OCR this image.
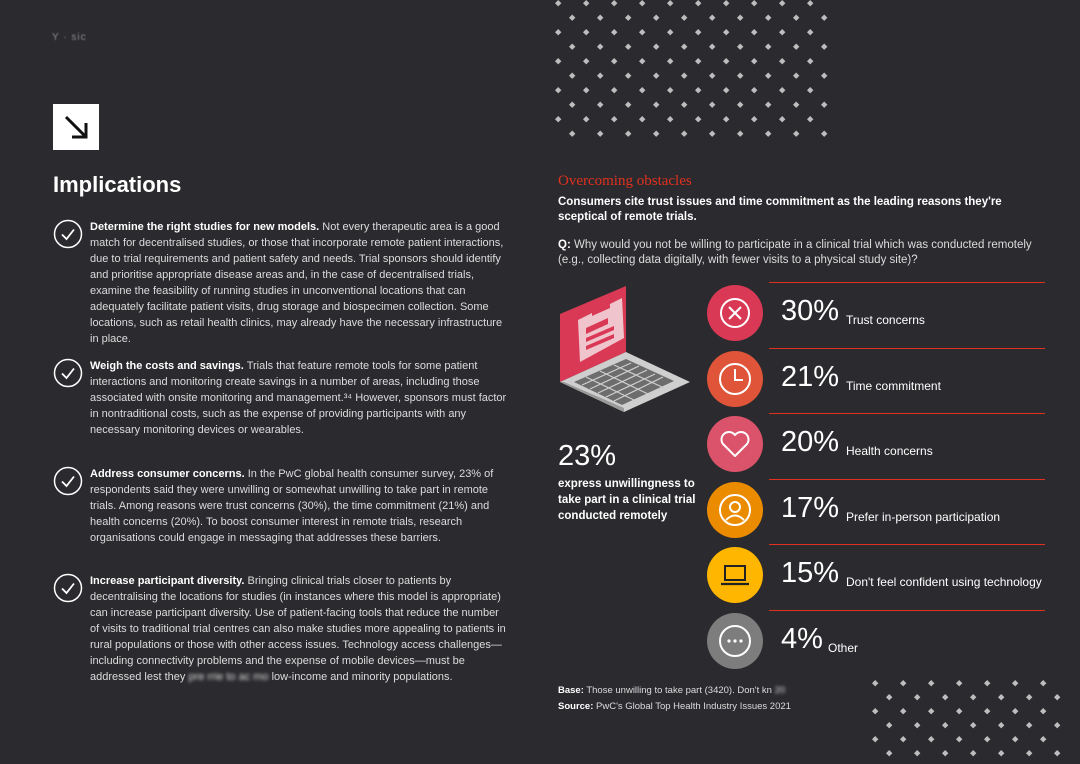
Y · sic
Implications
Determine the right studies for new models. Not every therapeutic area is a good match for decentralised studies, or those that incorporate remote patient interactions, due to trial requirements and patient safety and needs. Trial sponsors should identify and prioritise appropriate disease areas and, in the case of decentralised trials, examine the feasibility of running studies in unconventional locations that can adequately facilitate patient visits, drug storage and biospecimen collection. Some locations, such as retail health clinics, may already have the necessary infrastructure in place.
Weigh the costs and savings. Trials that feature remote tools for some patient interactions and monitoring create savings in a number of areas, including those associated with onsite monitoring and management.³⁴ However, sponsors must factor in nontraditional costs, such as the expense of providing participants with any necessary monitoring devices or wearables.
Address consumer concerns. In the PwC global health consumer survey, 23% of respondents said they were unwilling or somewhat unwilling to take part in remote trials. Among reasons were trust concerns (30%), the time commitment (21%) and health concerns (20%). To boost consumer interest in remote trials, research organisations could engage in messaging that addresses these barriers.
Increase participant diversity. Bringing clinical trials closer to patients by decentralising the locations for studies (in instances where this model is appropriate) can increase participant diversity. Use of patient-facing tools that reduce the number of visits to traditional trial centres can also make studies more appealing to patients in rural populations or those with other access issues. Technology access challenges—including connectivity problems and the expense of mobile devices—must be addressed lest they pre rrie to ac mo low-income and minority populations.
Overcoming obstacles
Consumers cite trust issues and time commitment as the leading reasons they're sceptical of remote trials.
Q: Why would you not be willing to participate in a clinical trial which was conducted remotely (e.g., collecting data digitally, with fewer visits to a physical study site)?
23%
express unwillingness to take part in a clinical trial conducted remotely
30% Trust concerns
21% Time commitment
20% Health concerns
17% Prefer in-person participation
15% Don't feel confident using technology
4% Other
Base: Those unwilling to take part (3420). Don't kn 20
Source: PwC's Global Top Health Industry Issues 2021
